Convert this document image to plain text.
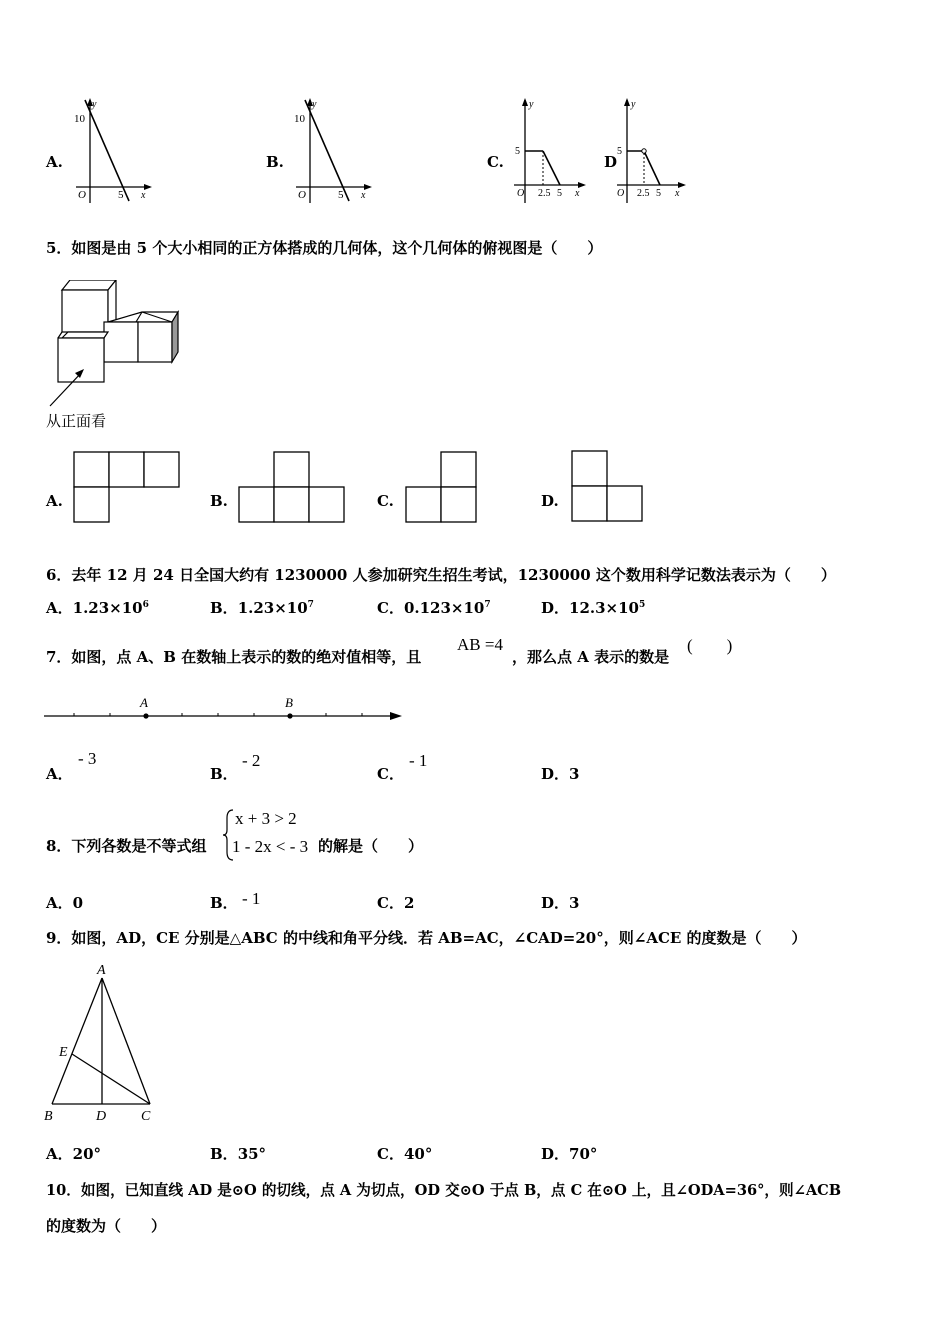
A.
y
10
O	5 x
B.
y
10
O	5 x
C.
y
5
O 2.5 5 x
D
y
5
O 2.5 5 x
5．如图是由 5 个大小相同的正方体搭成的几何体，这个几何体的俯视图是（　　）
从正面看
A.	B.	C.	D.
6．去年 12 月 24 日全国大约有 1230000 人参加研究生招生考试，1230000 这个数用科学记数法表示为（　　）
A．$1.23\times 10^6$	B．$1.23\times 10^7$	C．$0.123\times 10^7$	D．$12.3\times 10^5$
7．如图，点 A、B 在数轴上表示的数的绝对值相等，且
AB =4
，那么点 A 表示的数是
(　　)
A	B
A．
- 3
B．
- 2
C．
- 1
D．3
8．下列各数是不等式组
x + 3 > 2
1 - 2x < - 3 的解是（　　）
A．0	B． - 1	C．2	D．3
9．如图，AD，CE 分别是△ABC 的中线和角平分线．若 AB=AC，∠CAD=20°，则∠ACE 的度数是（　　）
A
E
B	D C
A．20°	B．35°	C．40°	D．70°
10．如图，已知直线 AD 是⊙O 的切线，点 A 为切点，OD 交⊙O 于点 B，点 C 在⊙O 上，且∠ODA=36°，则∠ACB
的度数为（　　）
